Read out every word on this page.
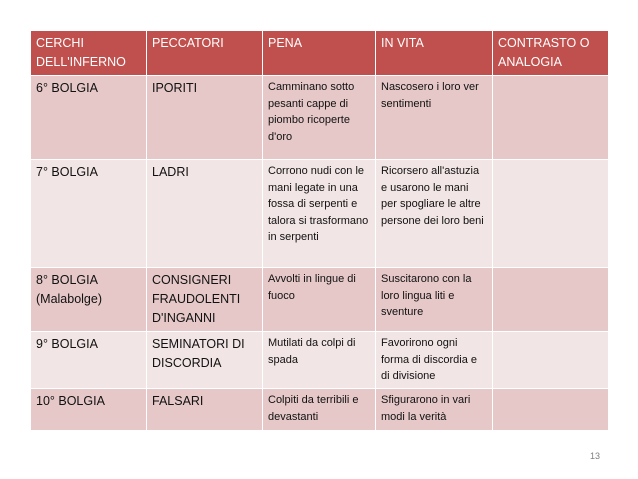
CERCHI DELL'INFERNO	PECCATORI	PENA	IN VITA	CONTRASTO O ANALOGIA
6° BOLGIA	IPORITI	Camminano sotto pesanti cappe di piombo ricoperte d'oro	Nascosero i loro ver sentimenti	
7° BOLGIA	LADRI	Corrono nudi con le mani legate in una fossa di serpenti e talora si trasformano in serpenti	Ricorsero all'astuzia e usarono le mani per spogliare le altre persone dei loro beni	
8° BOLGIA (Malabolge)	CONSIGNERI FRAUDOLENTI D'INGANNI	Avvolti in lingue di fuoco	Suscitarono con la loro lingua liti e sventure	
9° BOLGIA	SEMINATORI DI DISCORDIA	Mutilati da colpi di spada	Favorirono ogni forma di discordia e di divisione	
10° BOLGIA	FALSARI	Colpiti da terribili e devastanti	Sfigurarono in vari modi la verità	
13
